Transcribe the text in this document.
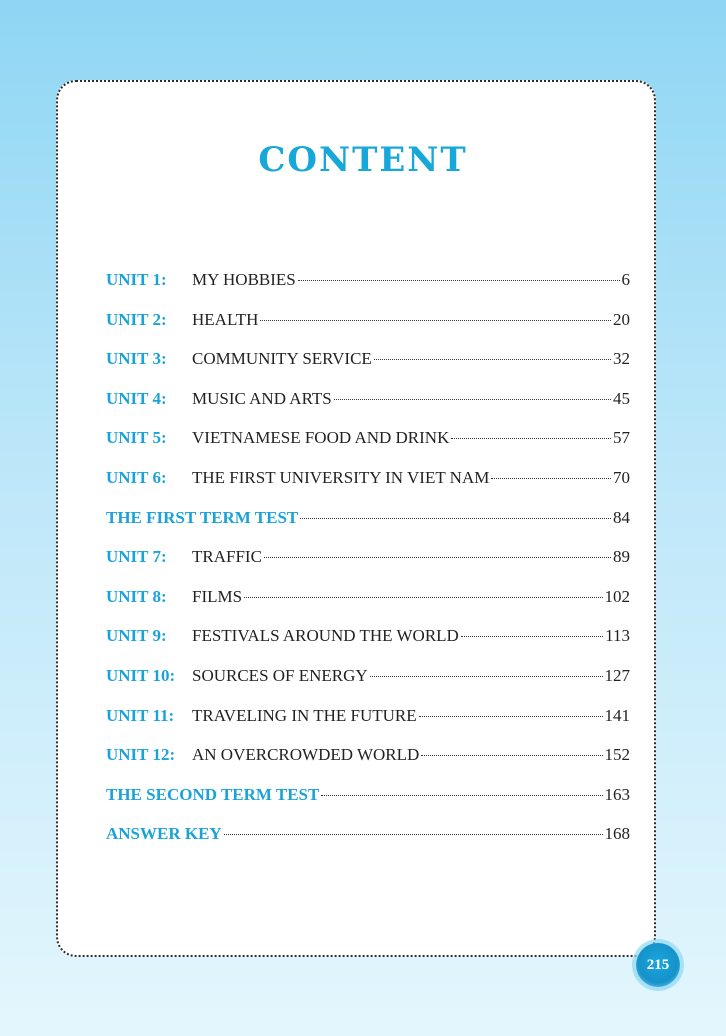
CONTENT
UNIT 1:	MY HOBBIES	6
UNIT 2:	HEALTH	20
UNIT 3:	COMMUNITY SERVICE	32
UNIT 4:	MUSIC AND ARTS	45
UNIT 5:	VIETNAMESE FOOD AND DRINK	57
UNIT 6:	THE FIRST UNIVERSITY IN VIET NAM	70
THE FIRST TERM TEST	84
UNIT 7:	TRAFFIC	89
UNIT 8:	FILMS	102
UNIT 9:	FESTIVALS AROUND THE WORLD	113
UNIT 10: SOURCES OF ENERGY	127
UNIT 11:	TRAVELING IN THE FUTURE	141
UNIT 12: AN OVERCROWDED WORLD	152
THE SECOND TERM TEST	163
ANSWER KEY	168
215
